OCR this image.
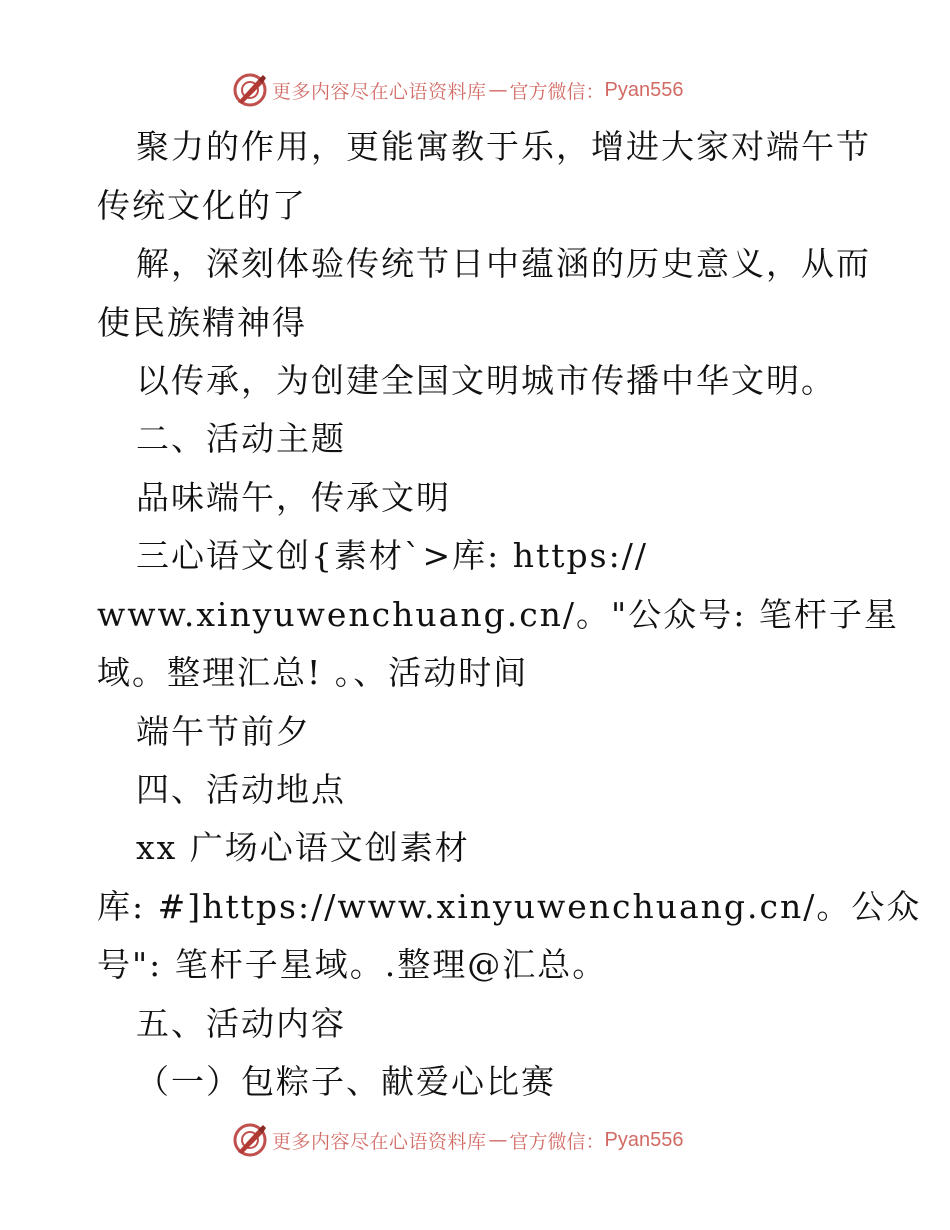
更多内容尽在心语资料库 — 官方微信： Pyan556
聚力的作用，更能寓教于乐，增进大家对端午节
传统文化的了
解，深刻体验传统节日中蕴涵的历史意义，从而
使民族精神得
以传承，为创建全国文明城市传播中华文明。
二、活动主题
品味端午，传承文明
三心语文创{素材`>库: https://
www.xinyuwenchuang.cn/。"公众号: 笔杆子星
域。整理汇总! 。、活动时间
端午节前夕
四、活动地点
xx 广场心语文创素材
库: #]https://www.xinyuwenchuang.cn/。公众
号": 笔杆子星域。.整理@汇总。
五、活动内容
（一）包粽子、献爱心比赛
更多内容尽在心语资料库 — 官方微信： Pyan556
